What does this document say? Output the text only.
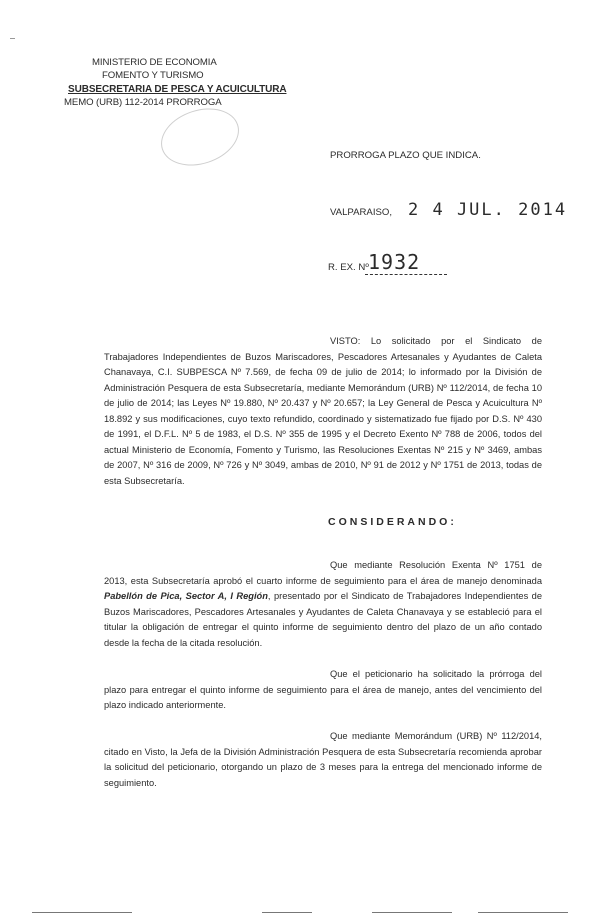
MINISTERIO DE ECONOMIA
FOMENTO Y TURISMO
SUBSECRETARIA DE PESCA Y ACUICULTURA
MEMO (URB) 112-2014 PRORROGA
PRORROGA PLAZO QUE INDICA.
VALPARAISO, 2 4 JUL. 2014
R. EX. Nº 1932

VISTO: Lo solicitado por el Sindicato de Trabajadores Independientes de Buzos Mariscadores, Pescadores Artesanales y Ayudantes de Caleta Chanavaya, C.I. SUBPESCA Nº 7.569, de fecha 09 de julio de 2014; lo informado por la División de Administración Pesquera de esta Subsecretaría, mediante Memorándum (URB) Nº 112/2014, de fecha 10 de julio de 2014; las Leyes Nº 19.880, Nº 20.437 y Nº 20.657; la Ley General de Pesca y Acuicultura Nº 18.892 y sus modificaciones, cuyo texto refundido, coordinado y sistematizado fue fijado por D.S. Nº 430 de 1991, el D.F.L. Nº 5 de 1983, el D.S. Nº 355 de 1995 y el Decreto Exento Nº 788 de 2006, todos del actual Ministerio de Economía, Fomento y Turismo, las Resoluciones Exentas Nº 215 y Nº 3469, ambas de 2007, Nº 316 de 2009, Nº 726 y Nº 3049, ambas de 2010, Nº 91 de 2012 y Nº 1751 de 2013, todas de esta Subsecretaría.

CONSIDERANDO:

Que mediante Resolución Exenta Nº 1751 de 2013, esta Subsecretaría aprobó el cuarto informe de seguimiento para el área de manejo denominada Pabellón de Pica, Sector A, I Región, presentado por el Sindicato de Trabajadores Independientes de Buzos Mariscadores, Pescadores Artesanales y Ayudantes de Caleta Chanavaya y se estableció para el titular la obligación de entregar el quinto informe de seguimiento dentro del plazo de un año contado desde la fecha de la citada resolución.

Que el peticionario ha solicitado la prórroga del plazo para entregar el quinto informe de seguimiento para el área de manejo, antes del vencimiento del plazo indicado anteriormente.

Que mediante Memorándum (URB) Nº 112/2014, citado en Visto, la Jefa de la División Administración Pesquera de esta Subsecretaría recomienda aprobar la solicitud del peticionario, otorgando un plazo de 3 meses para la entrega del mencionado informe de seguimiento.
